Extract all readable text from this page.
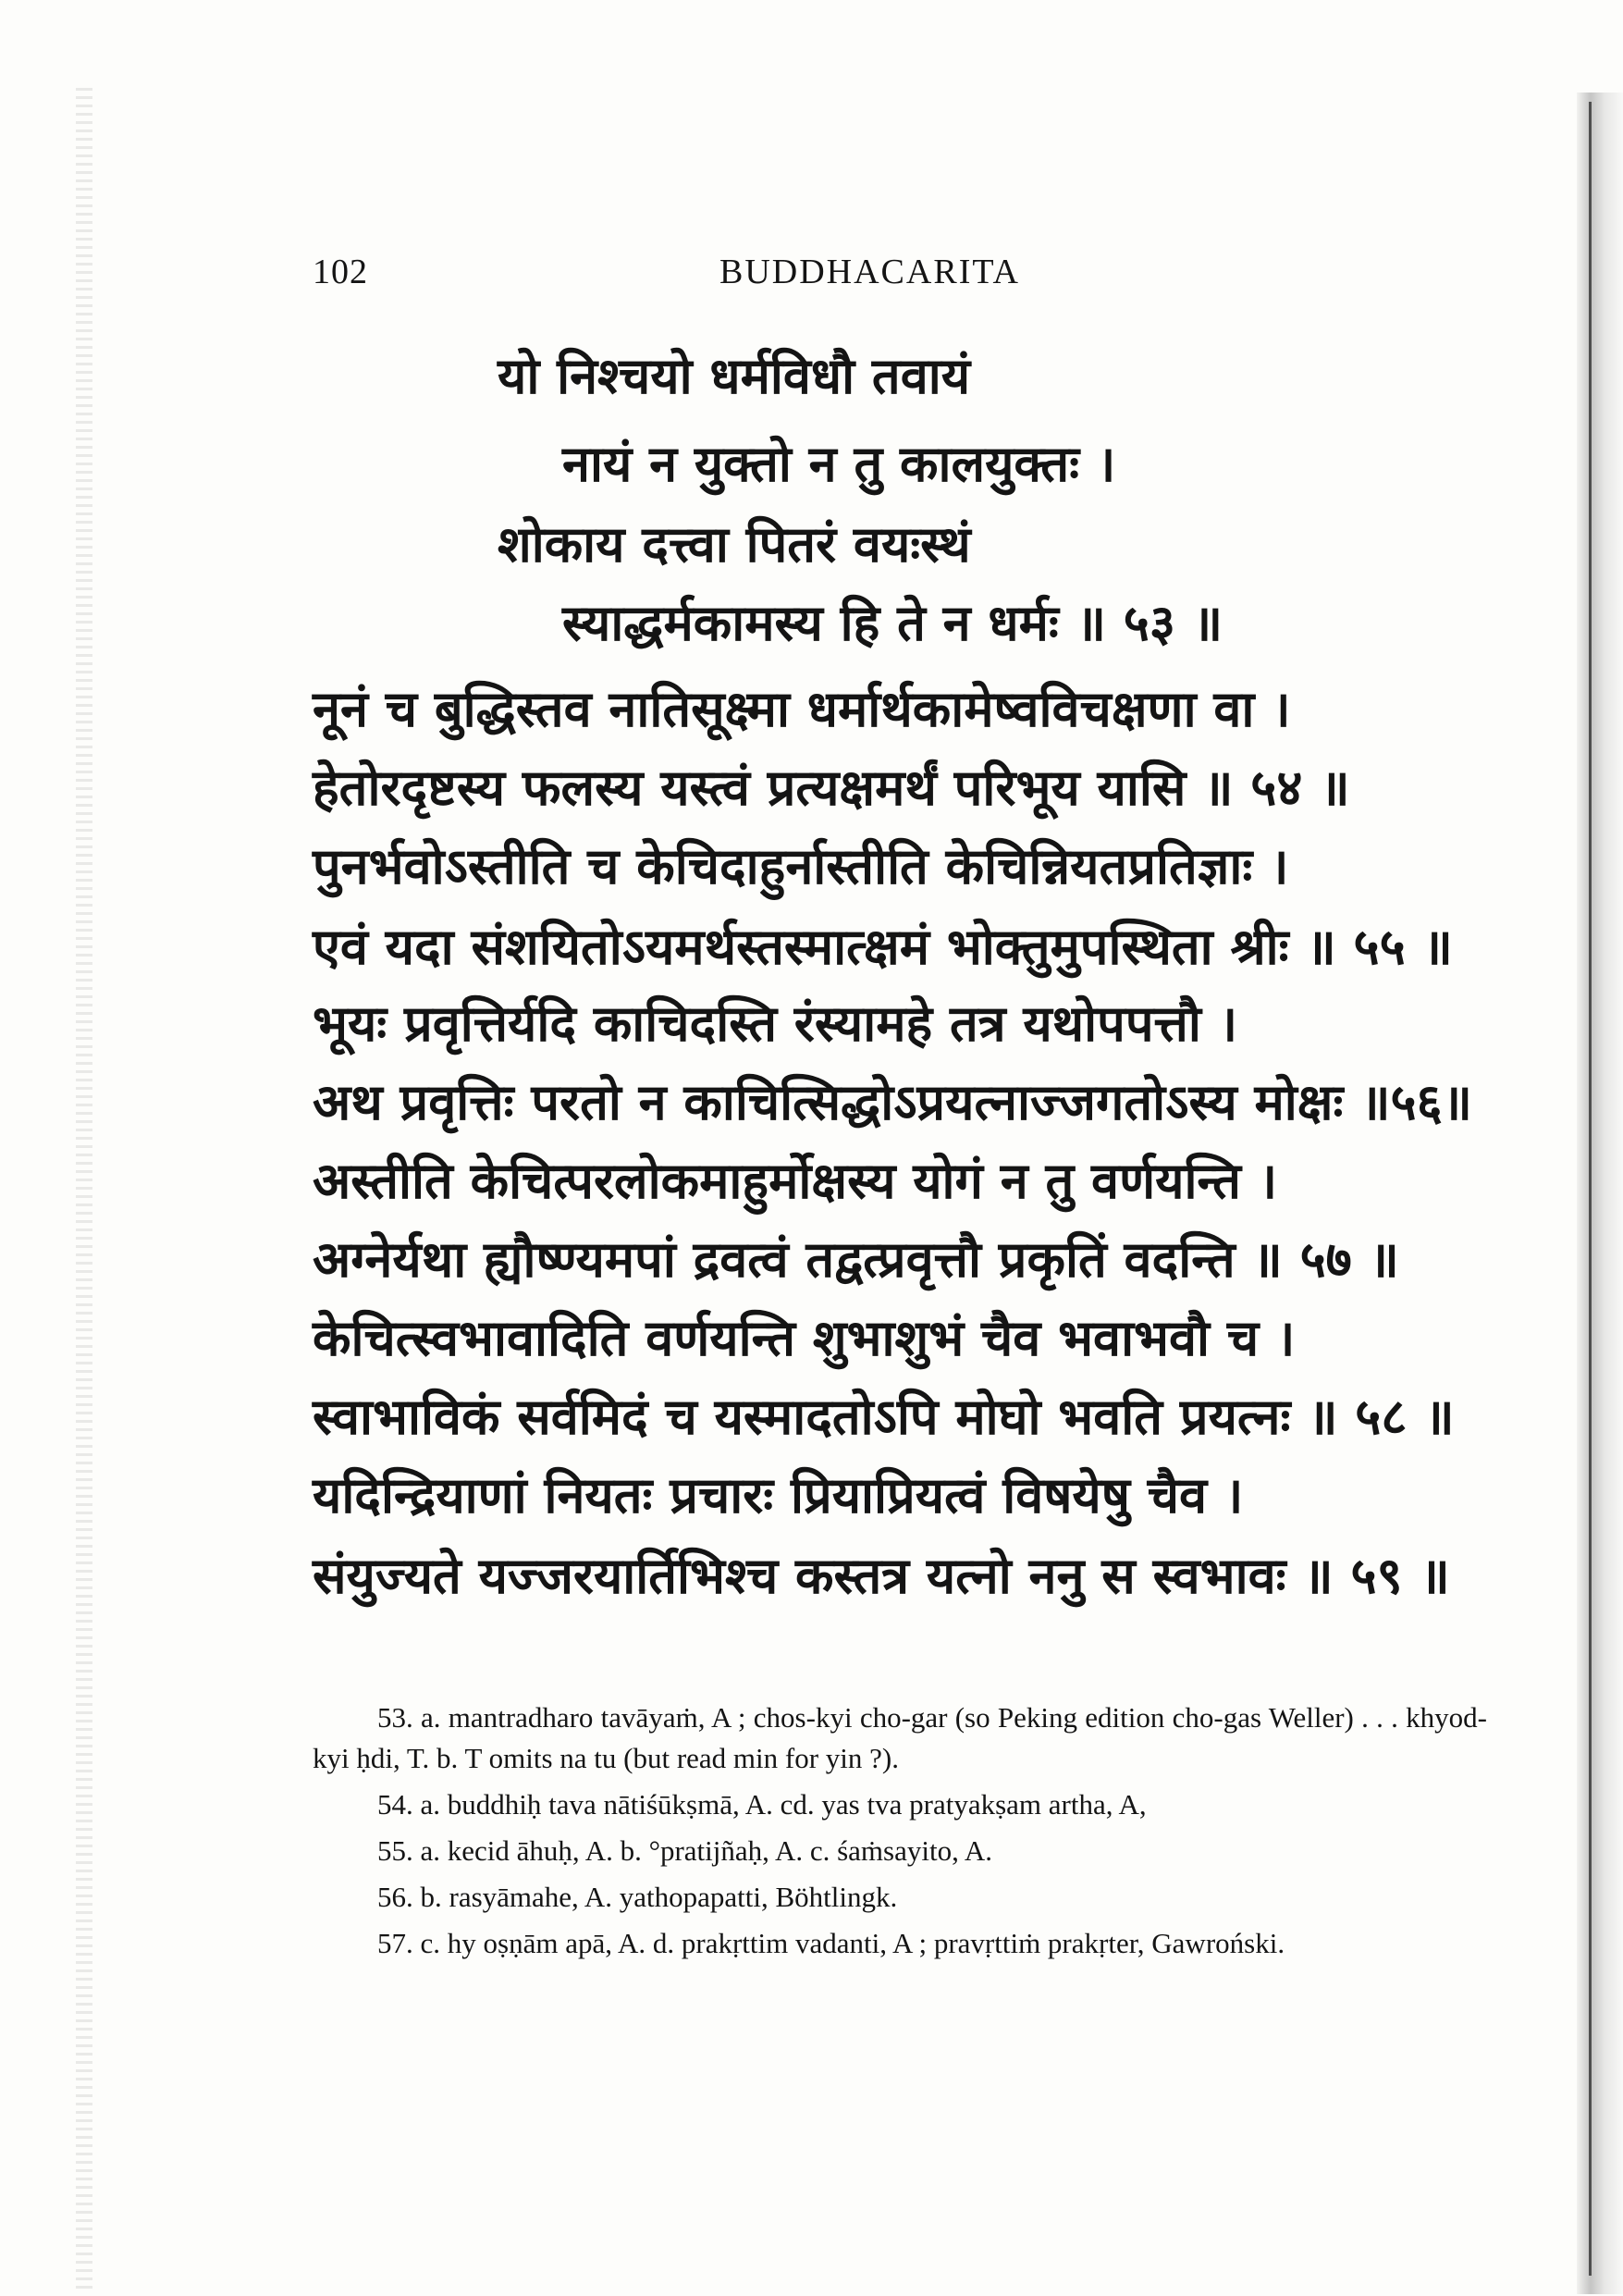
102	BUDDHACARITA
यो निश्चयो धर्मविधौ तवायं
नायं न युक्तो न तु कालयुक्तः ।
शोकाय दत्त्वा पितरं वयःस्थं
स्याद्धर्मकामस्य हि ते न धर्मः ॥ ५३ ॥
नूनं च बुद्धिस्तव नातिसूक्ष्मा धर्मार्थकामेष्वविचक्षणा वा ।
हेतोरदृष्टस्य फलस्य यस्त्वं प्रत्यक्षमर्थं परिभूय यासि ॥ ५४ ॥
पुनर्भवोऽस्तीति च केचिदाहुर्नास्तीति केचिन्नियतप्रतिज्ञाः ।
एवं यदा संशयितोऽयमर्थस्तस्मात्क्षमं भोक्तुमुपस्थिता श्रीः ॥ ५५ ॥
भूयः प्रवृत्तिर्यदि काचिदस्ति रंस्यामहे तत्र यथोपपत्तौ ।
अथ प्रवृत्तिः परतो न काचित्सिद्धोऽप्रयत्नाज्जगतोऽस्य मोक्षः ॥५६॥
अस्तीति केचित्परलोकमाहुर्मोक्षस्य योगं न तु वर्णयन्ति ।
अग्नेर्यथा ह्यौष्ण्यमपां द्रवत्वं तद्वत्प्रवृत्तौ प्रकृतिं वदन्ति ॥ ५७ ॥
केचित्स्वभावादिति वर्णयन्ति शुभाशुभं चैव भवाभवौ च ।
स्वाभाविकं सर्वमिदं च यस्मादतोऽपि मोघो भवति प्रयत्नः ॥ ५८ ॥
यदिन्द्रियाणां नियतः प्रचारः प्रियाप्रियत्वं विषयेषु चैव ।
संयुज्यते यज्जरयार्तिभिश्च कस्तत्र यत्नो ननु स स्वभावः ॥ ५९ ॥

53. a. mantradharo tavāyaṁ, A ; chos-kyi cho-gar (so Peking edition cho-gas Weller) . . . khyod-kyi ḥdi, T. b. T omits na tu (but read min for yin ?).

54. a. buddhiḥ tava nātiśūkṣmā, A. cd. yas tva pratyakṣam artha, A,

55. a. kecid āhuḥ, A. b. °pratijñaḥ, A. c. śaṁsayito, A.

56. b. rasyāmahe, A. yathopapatti, Böhtlingk.

57. c. hy oṣṇām apā, A. d. prakṛttim vadanti, A ; pravṛttiṁ prakṛter, Gawroński.
